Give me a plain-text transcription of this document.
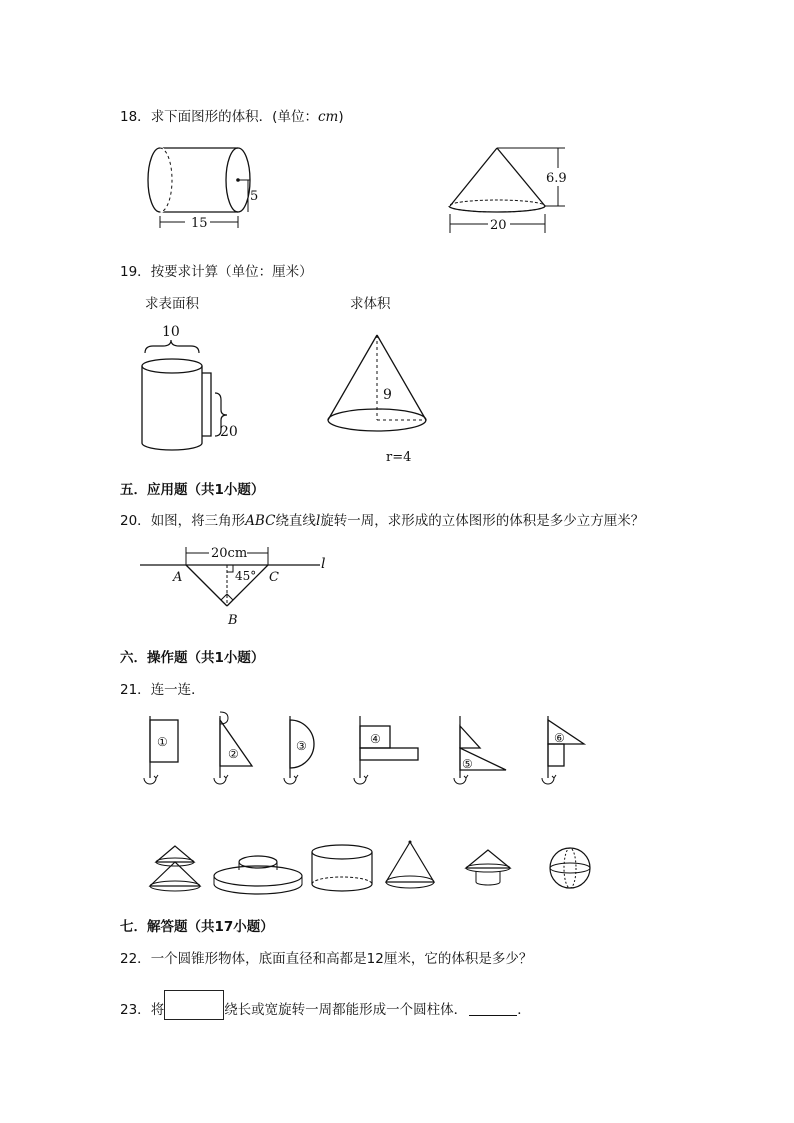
18．求下面图形的体积．(单位：cm)
5
15
6.9
20
19．按要求计算（单位：厘米）
求表面积	求体积
10
20
9
r=4
五．应用题（共1小题）
20．如图，将三角形ABC绕直线l旋转一周，求形成的立体图形的体积是多少立方厘米？
20cm
45°
A	C
B
l
六．操作题（共1小题）
21．连一连．
①
②
③	④
⑤
⑥
七．解答题（共17小题）
22．一个圆锥形物体，底面直径和高都是12厘米，它的体积是多少？
23．将	绕长或宽旋转一周都能形成一个圆柱体．	．
